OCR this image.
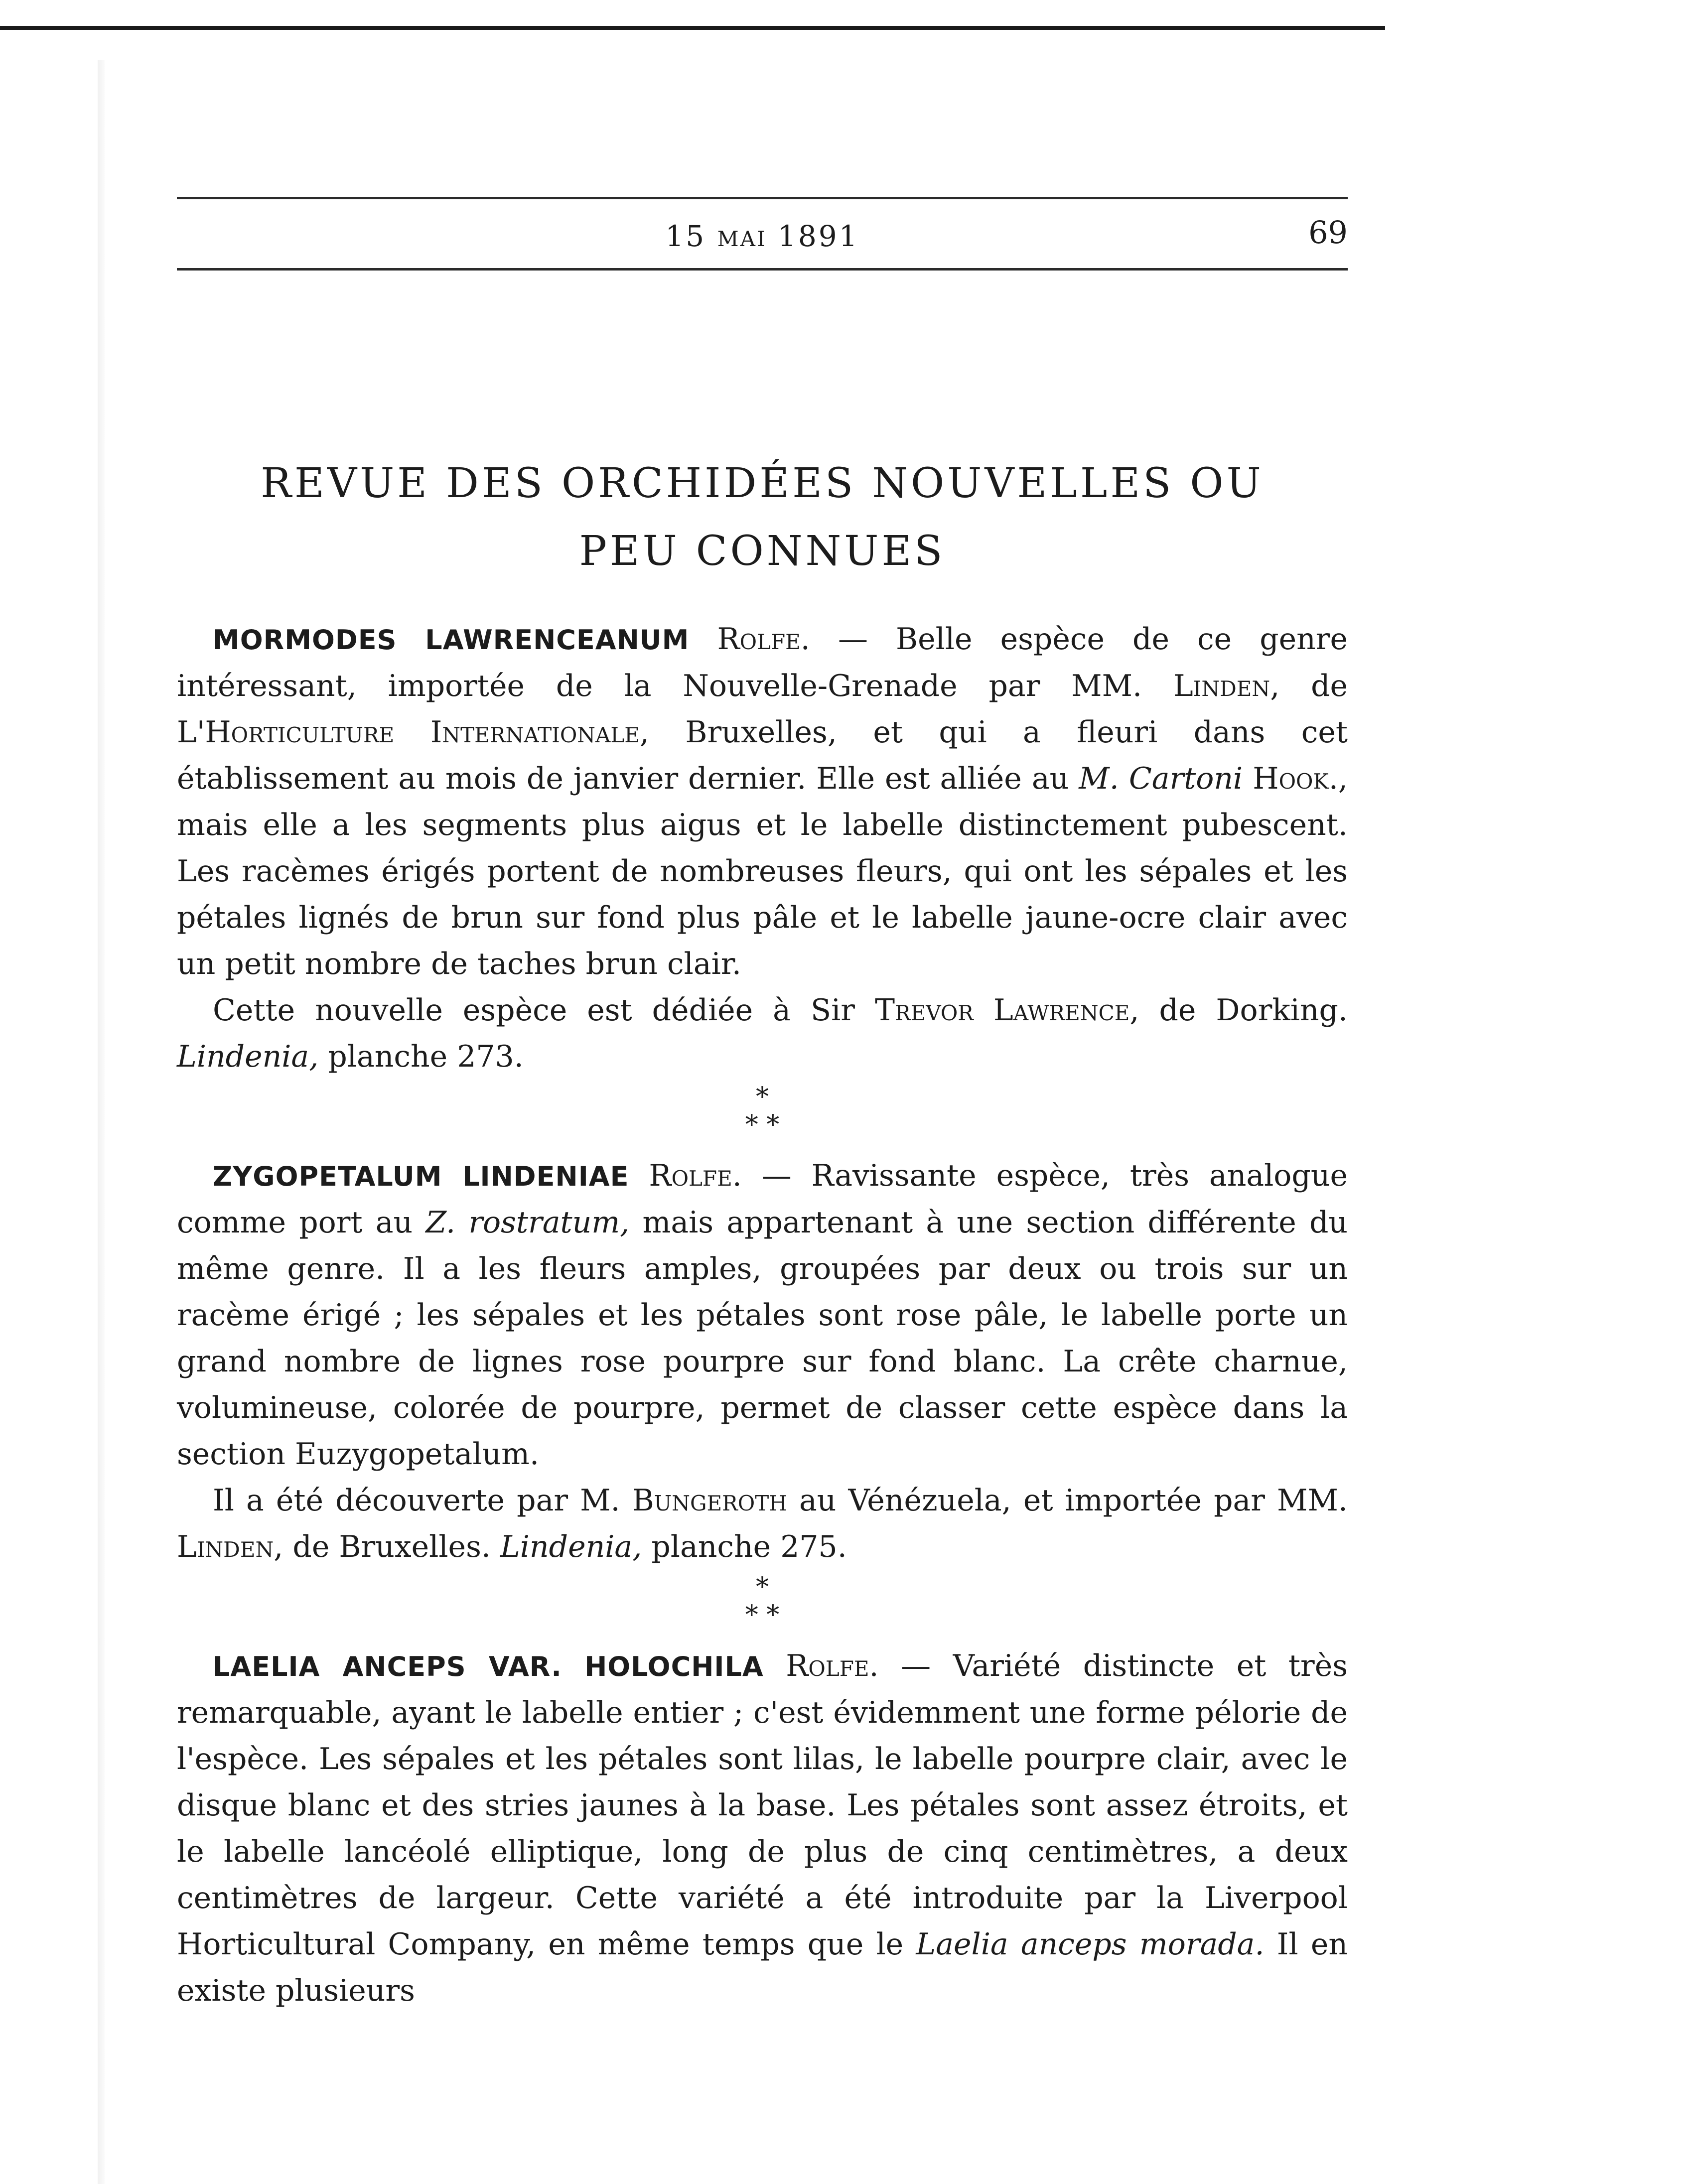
15 MAI 1891	69
REVUE DES ORCHIDÉES NOUVELLES OU
PEU CONNUES

MORMODES LAWRENCEANUM Rolfe. — Belle espèce de ce genre intéressant, importée de la Nouvelle-Grenade par MM. Linden, de L'Horticulture Internationale, Bruxelles, et qui a fleuri dans cet établissement au mois de janvier dernier. Elle est alliée au M. Cartoni Hook., mais elle a les segments plus aigus et le labelle distinctement pubescent. Les racèmes érigés portent de nombreuses fleurs, qui ont les sépales et les pétales lignés de brun sur fond plus pâle et le labelle jaune-ocre clair avec un petit nombre de taches brun clair.

Cette nouvelle espèce est dédiée à Sir Trevor Lawrence, de Dorking. Lindenia, planche 273.

*
* *

ZYGOPETALUM LINDENIAE Rolfe. — Ravissante espèce, très analogue comme port au Z. rostratum, mais appartenant à une section différente du même genre. Il a les fleurs amples, groupées par deux ou trois sur un racème érigé ; les sépales et les pétales sont rose pâle, le labelle porte un grand nombre de lignes rose pourpre sur fond blanc. La crête charnue, volumineuse, colorée de pourpre, permet de classer cette espèce dans la section Euzygopetalum.

Il a été découverte par M. Bungeroth au Vénézuela, et importée par MM. Linden, de Bruxelles. Lindenia, planche 275.

*
* *

LAELIA ANCEPS VAR. HOLOCHILA Rolfe. — Variété distincte et très remarquable, ayant le labelle entier ; c'est évidemment une forme pélorie de l'espèce. Les sépales et les pétales sont lilas, le labelle pourpre clair, avec le disque blanc et des stries jaunes à la base. Les pétales sont assez étroits, et le labelle lancéolé elliptique, long de plus de cinq centimètres, a deux centimètres de largeur. Cette variété a été introduite par la Liverpool Horticultural Company, en même temps que le Laelia anceps morada. Il en existe plusieurs
